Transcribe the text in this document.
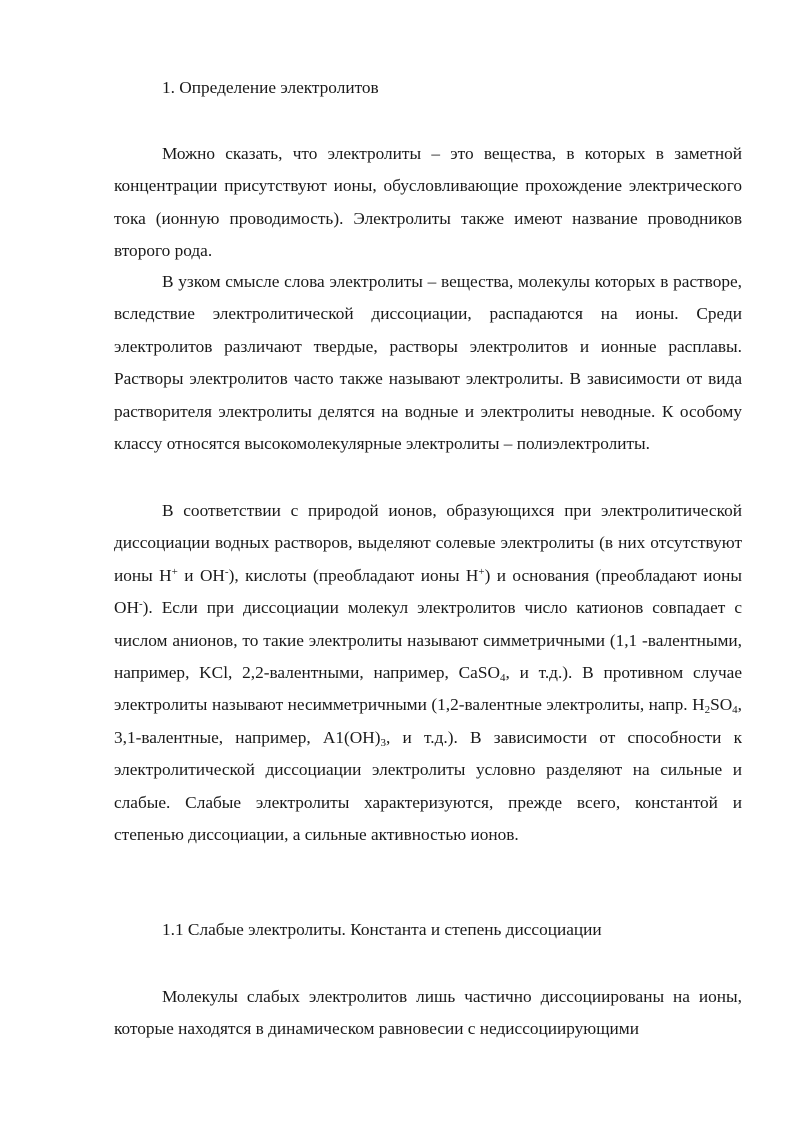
1. Определение электролитов

Можно сказать, что электролиты – это вещества, в которых в заметной концентрации присутствуют ионы, обусловливающие прохождение электрического тока (ионную проводимость). Электролиты также имеют название проводников второго рода.

В узком смысле слова электролиты – вещества, молекулы которых в растворе, вследствие электролитической диссоциации, распадаются на ионы. Среди электролитов различают твердые, растворы электролитов и ионные расплавы. Растворы электролитов часто также называют электролиты. В зависимости от вида растворителя электролиты делятся на водные и электролиты неводные. К особому классу относятся высокомолекулярные электролиты – полиэлектролиты.

В соответствии с природой ионов, образующихся при электролитической диссоциации водных растворов, выделяют солевые электролиты (в них отсутствуют ионы H+ и OH-), кислоты (преобладают ионы H+) и основания (преобладают ионы OH-). Если при диссоциации молекул электролитов число катионов совпадает с числом анионов, то такие электролиты называют симметричными (1,1 -валентными, например, KCl, 2,2-валентными, например, CaSO$_4$, и т.д.). В противном случае электролиты называют несимметричными (1,2-валентные электролиты, напр. $H_2SO_4$, 3,1-валентные, например, $A1(OH)_3$, и т.д.). В зависимости от способности к электролитической диссоциации электролиты условно разделяют на сильные и слабые. Слабые электролиты характеризуются, прежде всего, константой и степенью диссоциации, а сильные активностью ионов.

1.1 Слабые электролиты. Константа и степень диссоциации

Молекулы слабых электролитов лишь частично диссоциированы на ионы, которые находятся в динамическом равновесии с недиссоциирующими
